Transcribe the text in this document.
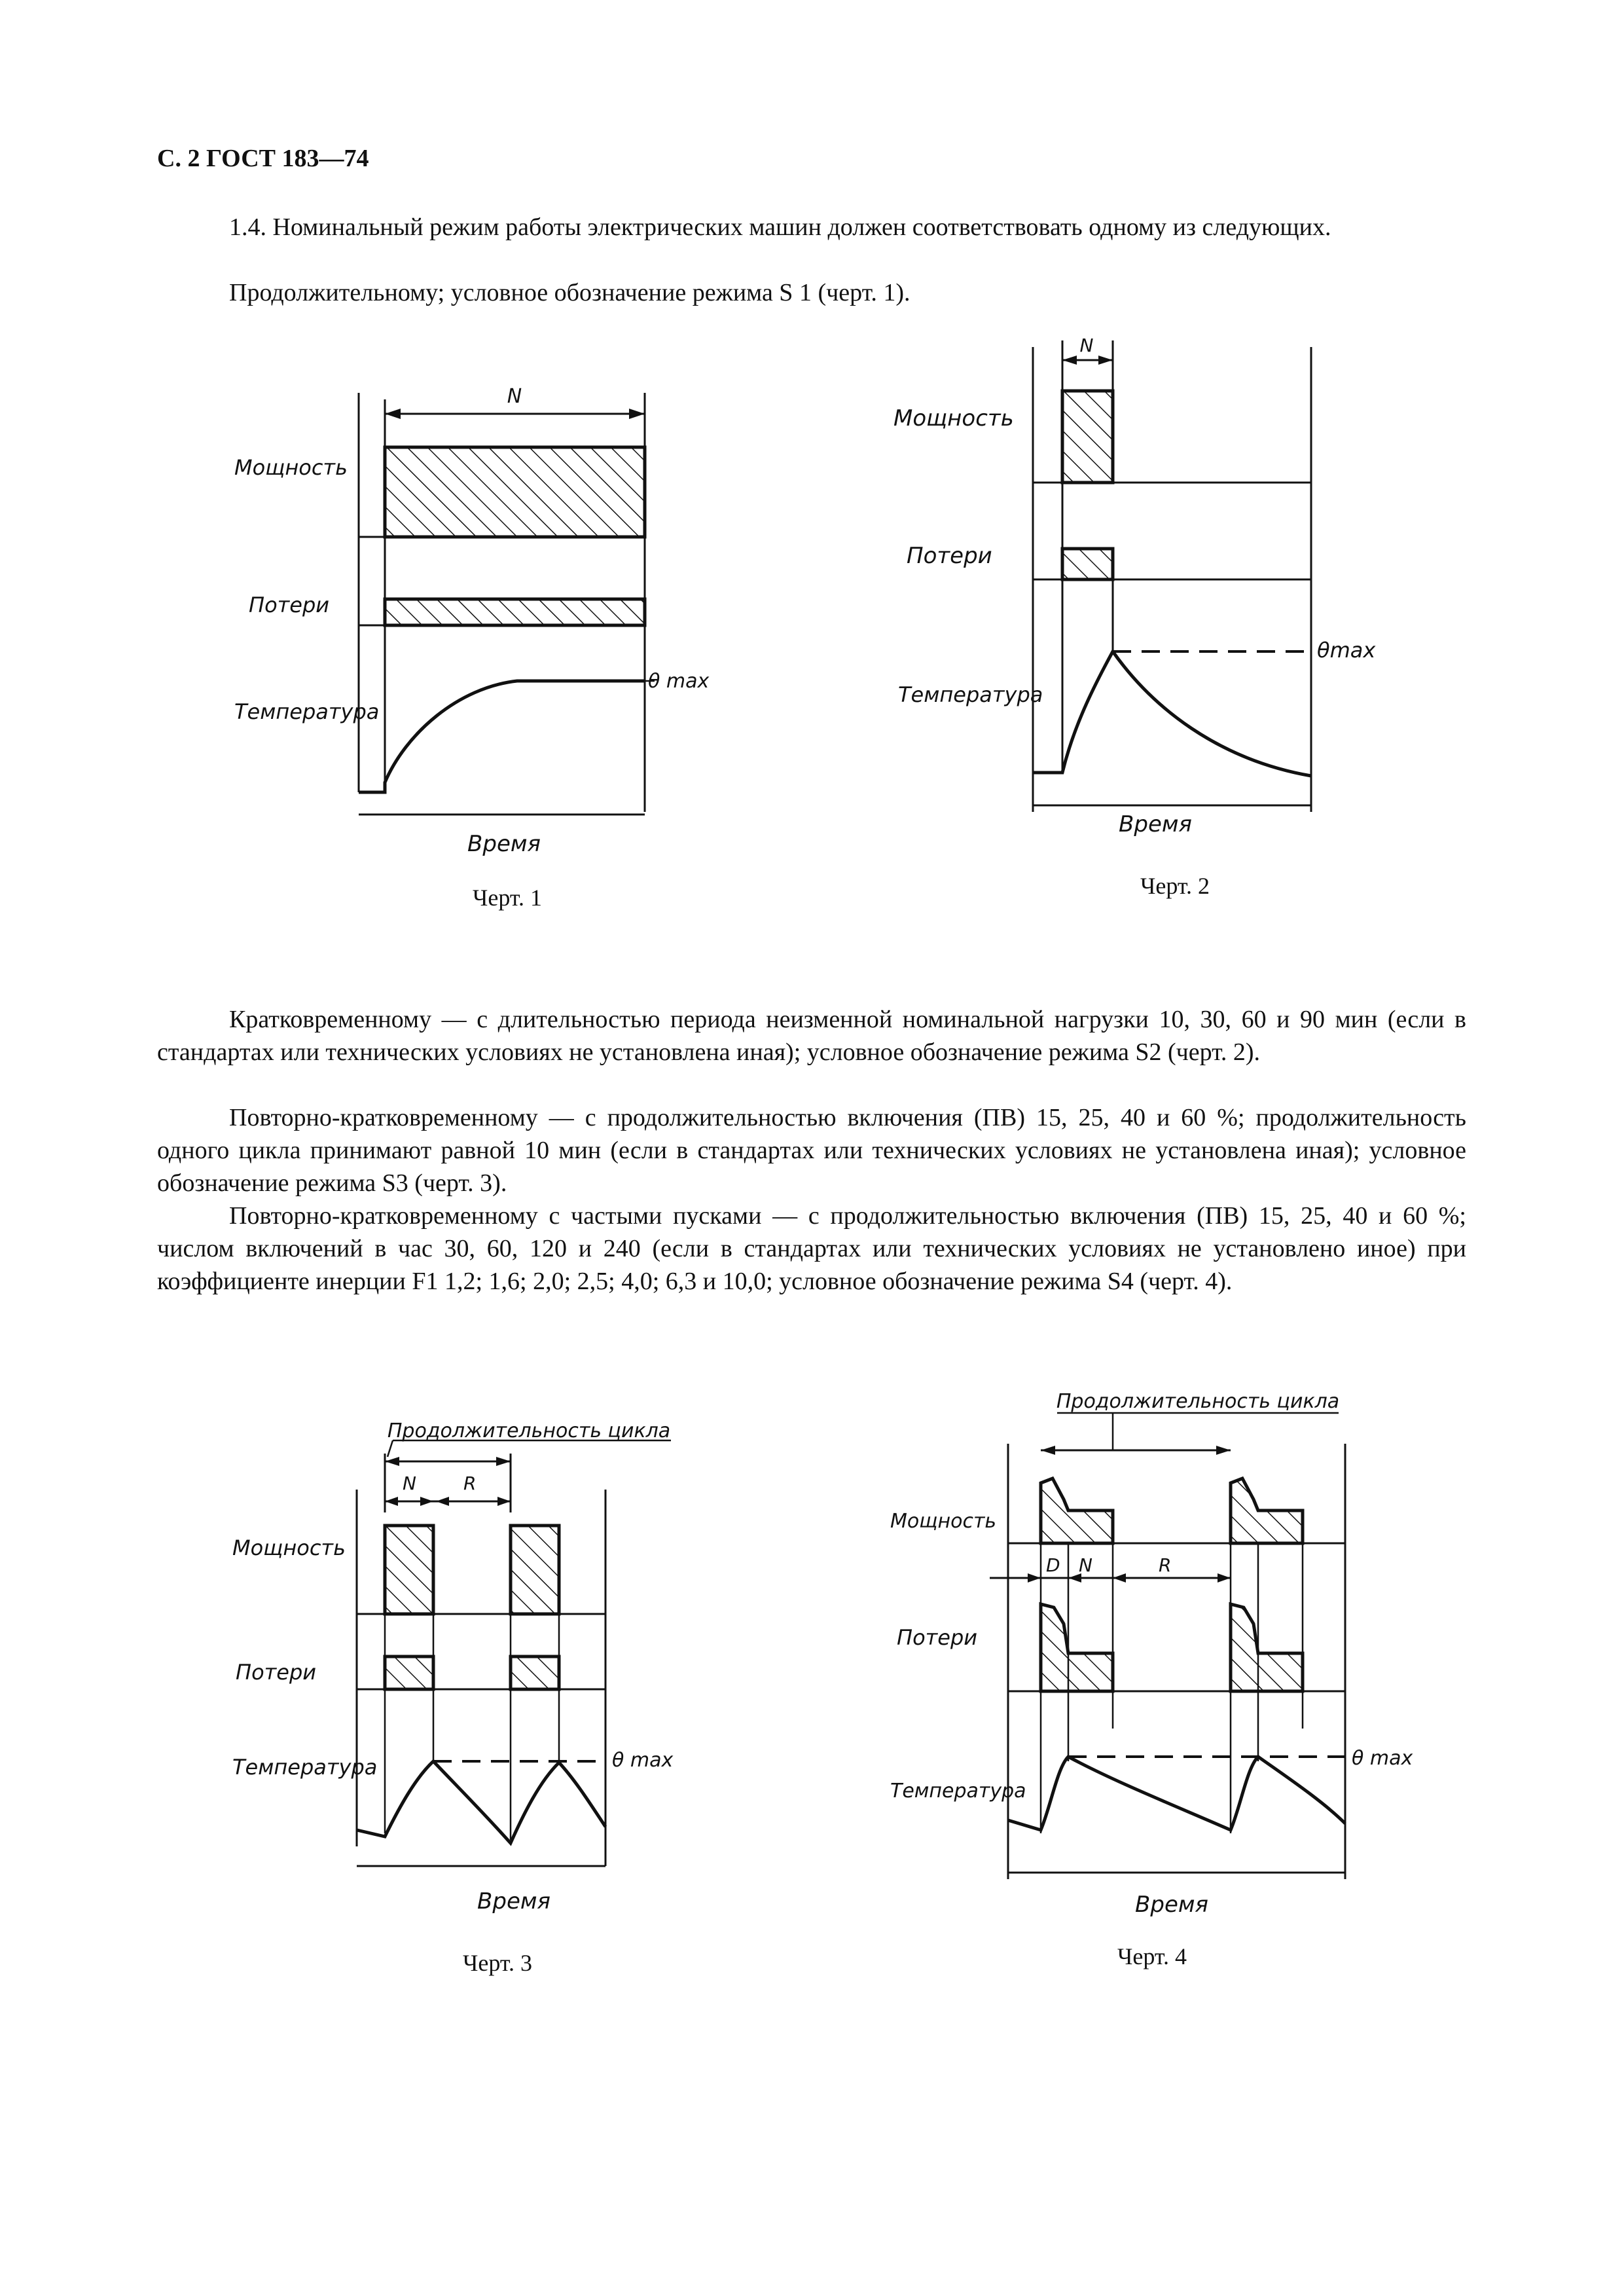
С. 2 ГОСТ 183—74

1.4. Номинальный режим работы электрических машин должен соответствовать одному из следующих.

Продолжительному; условное обозначение режима S 1 (черт. 1).

Кратковременному — с длительностью периода неизменной номинальной нагрузки 10, 30, 60 и 90 мин (если в стандартах или технических условиях не установлена иная); условное обозначение режима S2 (черт. 2).

Повторно-кратковременному — с продолжительностью включения (ПВ) 15, 25, 40 и 60 %; продолжительность одного цикла принимают равной 10 мин (если в стандартах или технических условиях не установлена иная); условное обозначение режима S3 (черт. 3).

Повторно-кратковременному с частыми пусками — с продолжительностью включения (ПВ) 15, 25, 40 и 60 %; числом включений в час 30, 60, 120 и 240 (если в стандартах или технических условиях не установлено иное) при коэффициенте инерции F1 1,2; 1,6; 2,0; 2,5; 4,0; 6,3 и 10,0; условное обозначение режима S4 (черт. 4).

N
Мощность
Потери
Температура
θ max
Время
Черт. 1
N
Мощность
Потери
Температура
θmax
Время
Черт. 2
Продолжительность цикла
N	R
Мощность
Потери
Температура	θ max
Время
Черт. 3
Продолжительность цикла
D N	R
Мощность
Потери
Температура
θ max
Время
Черт. 4
